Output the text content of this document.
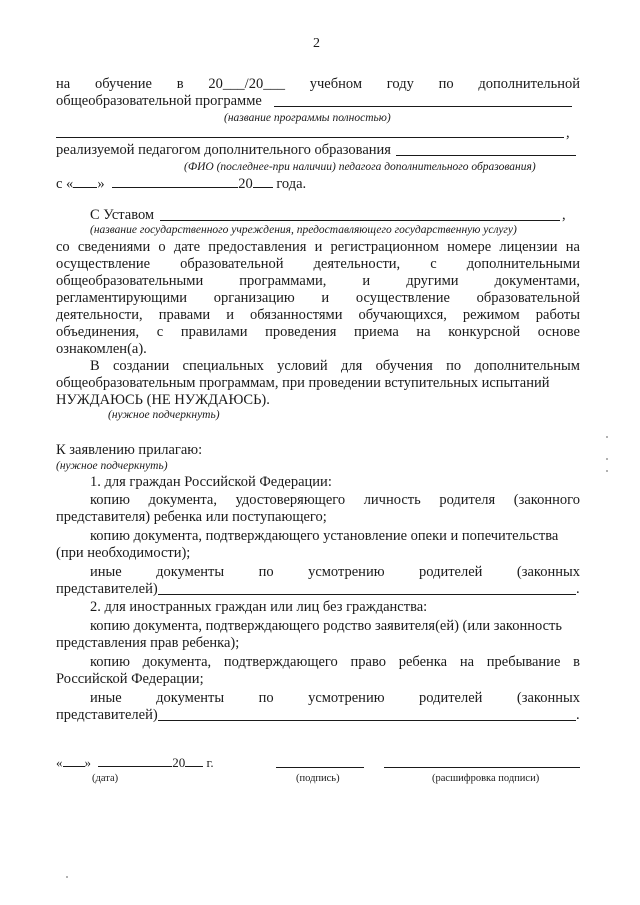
2
на обучение в 20___/20___ учебном году по дополнительной
общеобразовательной программе
(название программы полностью)
,
реализуемой педагогом дополнительного образования
(ФИО (последнее-при наличии) педагога дополнительного образования)
с « »	20 года.
С Уставом	,
(название государственного учреждения, предоставляющего государственную услугу)
со сведениями о дате предоставления и регистрационном номере лицензии на
осуществление образовательной деятельности, с дополнительными
общеобразовательными программами, и другими документами,
регламентирующими организацию и осуществление образовательной
деятельности, правами и обязанностями обучающихся, режимом работы
объединения, с правилами проведения приема на конкурсной основе
ознакомлен(а).
В создании специальных условий для обучения по дополнительным
общеобразовательным программам, при проведении вступительных испытаний
НУЖДАЮСЬ (НЕ НУЖДАЮСЬ).
(нужное подчеркнуть)
К заявлению прилагаю:
(нужное подчеркнуть)
1. для граждан Российской Федерации:
копию документа, удостоверяющего личность родителя (законного
представителя) ребенка или поступающего;
копию документа, подтверждающего установление опеки и попечительства
(при необходимости);
иные документы по усмотрению родителей (законных
представителей)	.
2. для иностранных граждан или лиц без гражданства:
копию документа, подтверждающего родство заявителя(ей) (или законность
представления прав ребенка);
копию документа, подтверждающего право ребенка на пребывание в
Российской Федерации;
иные документы по усмотрению родителей (законных
представителей)	.
« »	20 г.
(дата)	(подпись)	(расшифровка подписи)
